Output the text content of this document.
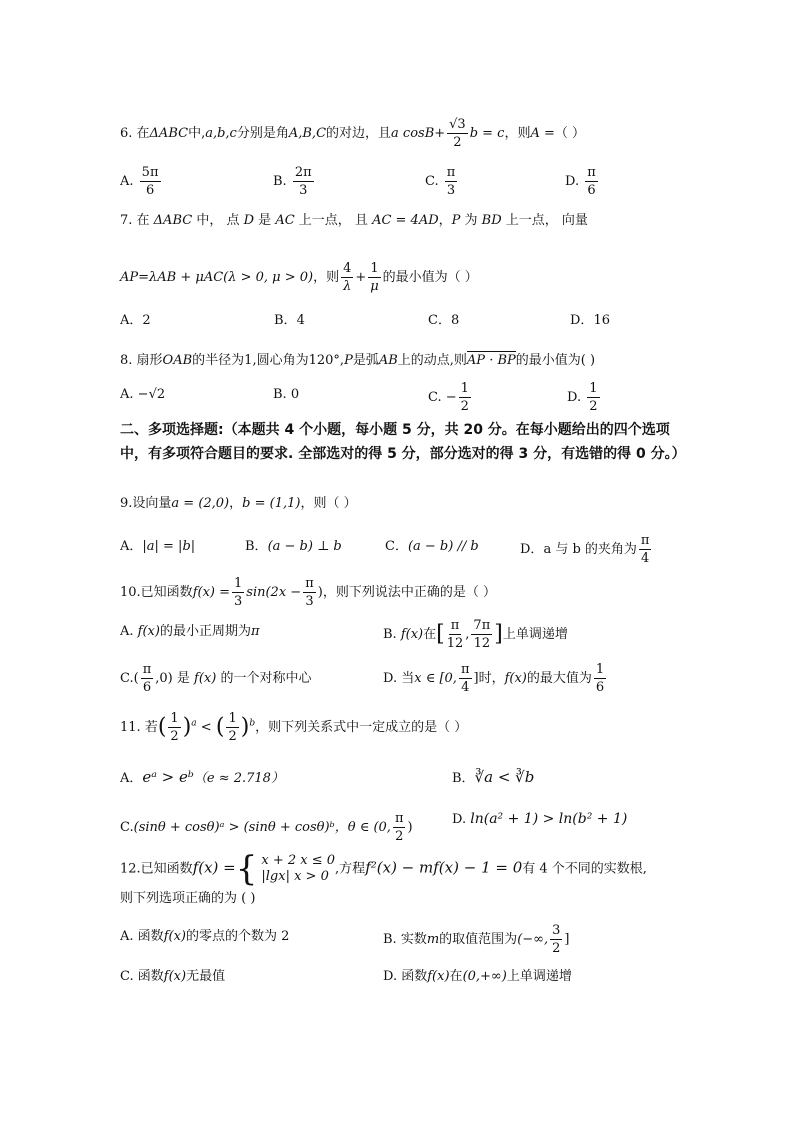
6. 在ΔABC中,a,b,c分别是角A,B,C的对边，且a $\cos B+ \frac{√3}{2}$ b = c，则A =（ ）
A. $\frac{5\pi}{6}$	B. $\frac{2\pi}{3}$	C. $\frac{\pi}{3}$	D. $\frac{\pi}{6}$
7. 在 ΔABC 中， 点 D 是 AC 上一点， 且 AC = 4AD，P 为 BD 上一点， 向量
AP=λAB + μAC(λ > 0, μ > 0)，则 $\frac{4}{\lambda} + \frac{1}{\mu}$ 的最小值为（ ）
A．2	B．4	C．8	D．16
8. 扇形OAB的半径为1,圆心角为120°,P是弧AB上的动点,则AP · BP的最小值为( )
A. −√2	B. 0	C. − $\frac{1}{2}$	D. $\frac{1}{2}$
二、多项选择题:（本题共 4 个小题，每小题 5 分，共 20 分。在每小题给出的四个选项中，有多项符合题目的要求. 全部选对的得 5 分，部分选对的得 3 分，有选错的得 0 分。）
9.设向量a = (2,0)，b = (1,1)，则（ ）
A．|a| = |b|	B．(a − b) ⊥ b	C．(a − b) // b	D．a 与 b 的夹角为 $\frac{\pi}{4}$
10.已知函数$f(x) = \frac{1}{3} \sin(2x - \frac{\pi}{3}$ )，则下列说法中正确的是（ ）
A. f(x)的最小正周期为π	B. f(x)在[ $\frac{\pi}{12}$ , $\frac{7\pi}{12}$ ]上单调递增
$C.( \frac{\pi}{6} ,0)$ 是 f(x) 的一个对称中心	D. 当x ∈ [0, $\frac{\pi}{4}$ ]时，f(x)的最大值为 $\frac{1}{6}$
11. 若( $\frac{1}{2} )^a$ < ( $\frac{1}{2} )^b$，则下列关系式中一定成立的是（ ）
A．eᵃ > eᵇ（e ≈ 2.718）	B．∛a < ∛b
C.(sinθ + cosθ)ᵃ > (sinθ + cosθ)ᵇ，θ ∈ (0, $\frac{\pi}{2}$ )
D. ln(a² + 1) > ln(b² + 1)
12.已知函数f(x) = { x + 2 x ≤ 0
|lgx| x > 0 ,方程f²(x) − mf(x) − 1 = 0有 4 个不同的实数根,
则下列选项正确的为 ( )
A. 函数f(x)的零点的个数为 2	B. 实数m的取值范围为(−∞, $\frac{3}{2}$ ]
C. 函数f(x)无最值	D. 函数f(x)在(0,+∞)上单调递增
